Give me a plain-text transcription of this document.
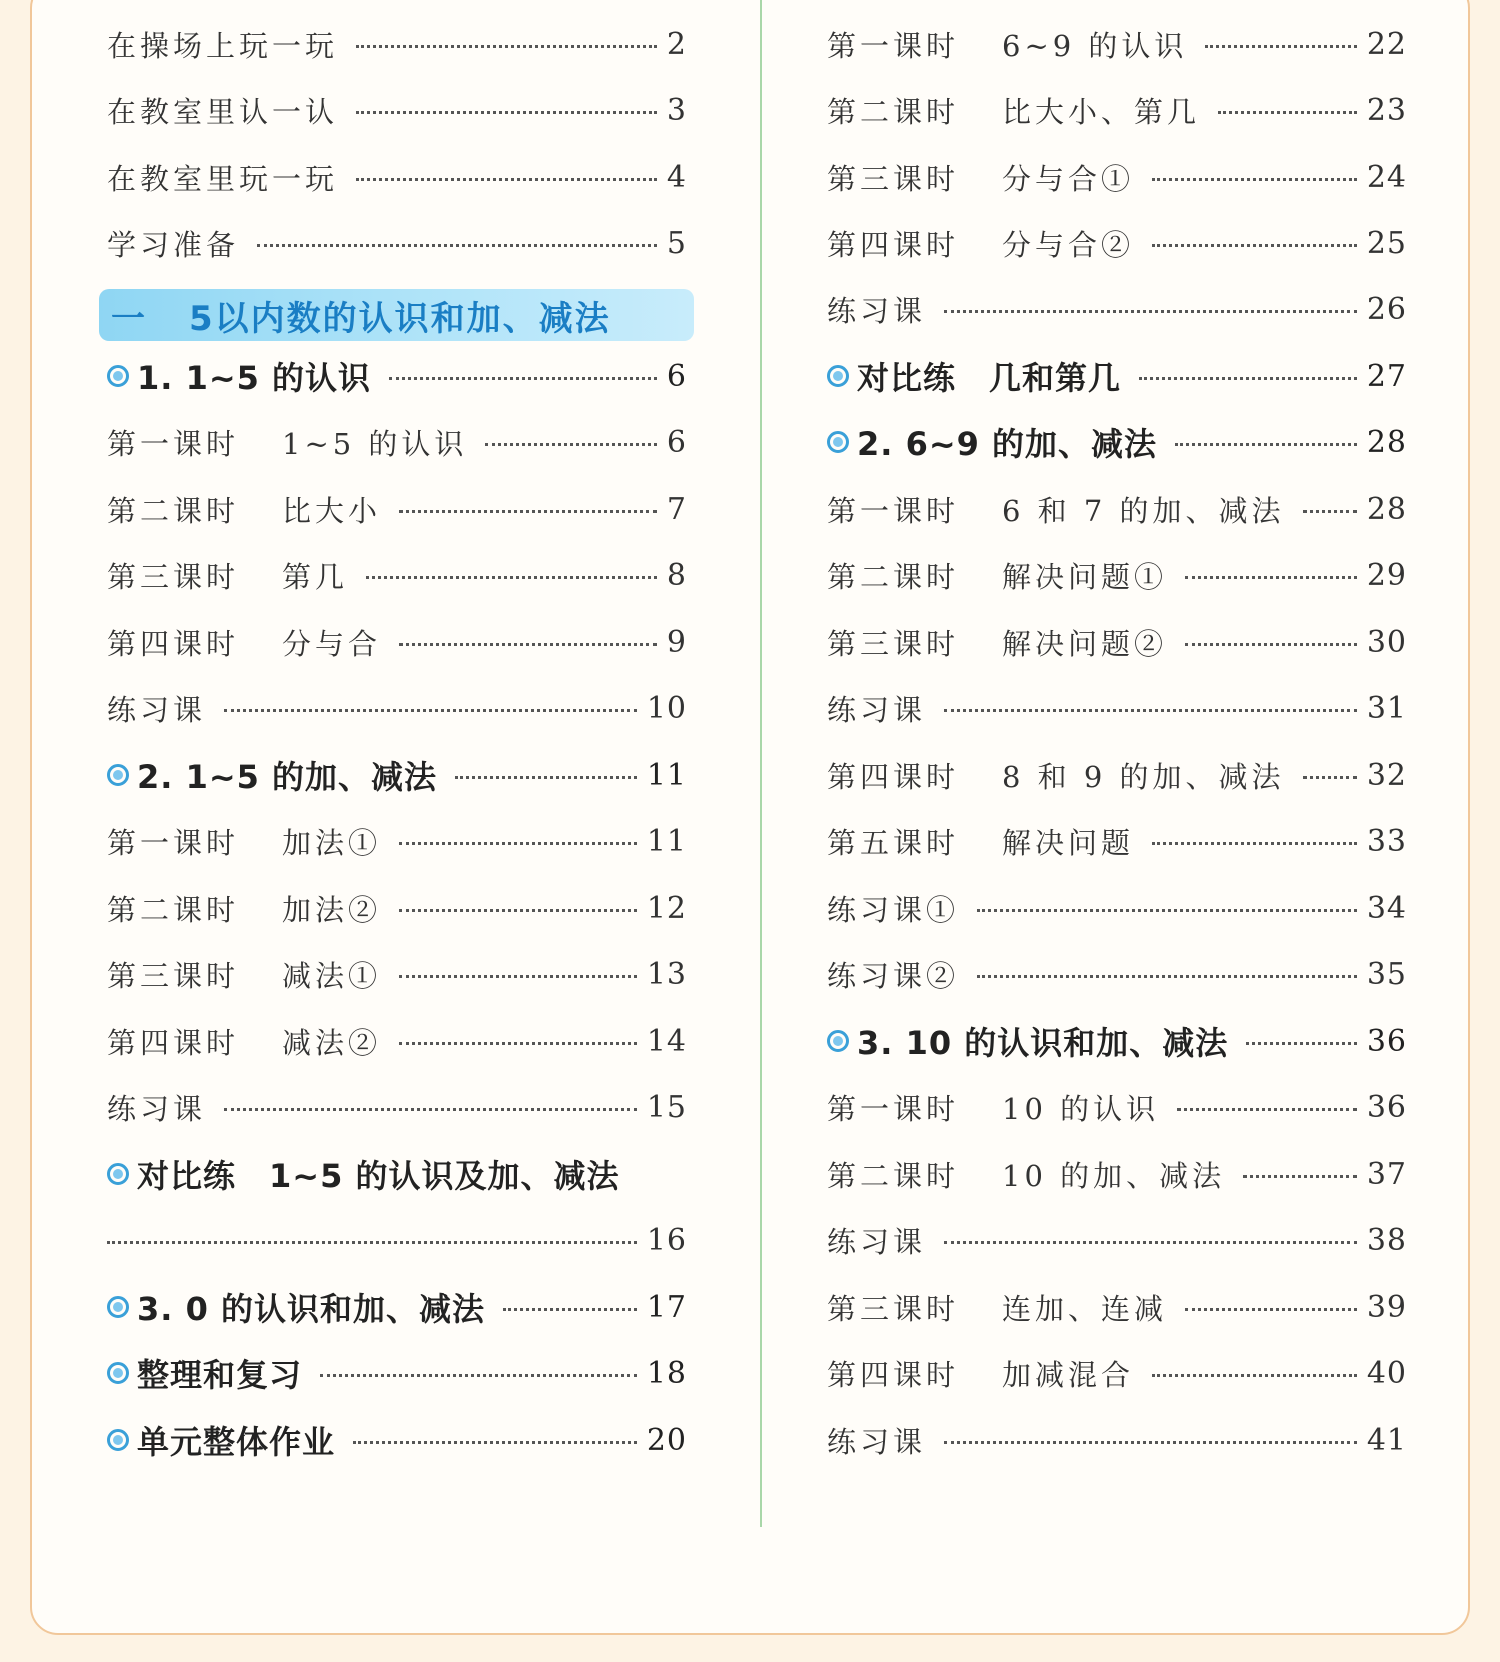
一 5以内数的认识和加、减法
在操场上玩一玩	2
在教室里认一认	3
在教室里玩一玩	4
学习准备	5
1. 1~5 的认识	6
第一课时	1~5 的认识	6
第二课时	比大小	7
第三课时	第几	8
第四课时	分与合	9
练习课	10
2. 1~5 的加、减法	11
第一课时	加法①	11
第二课时	加法②	12
第三课时	减法①	13
第四课时	减法②	14
练习课	15
对比练　1~5 的认识及加、减法
16
3. 0 的认识和加、减法	17
整理和复习	18
单元整体作业	20
第一课时	6~9 的认识	22
第二课时	比大小、第几	23
第三课时	分与合①	24
第四课时	分与合②	25
练习课	26
对比练　几和第几	27
2. 6~9 的加、减法	28
第一课时	6 和 7 的加、减法	28
第二课时	解决问题①	29
第三课时	解决问题②	30
练习课	31
第四课时	8 和 9 的加、减法	32
第五课时	解决问题	33
练习课①	34
练习课②	35
3. 10 的认识和加、减法	36
第一课时	10 的认识	36
第二课时	10 的加、减法	37
练习课	38
第三课时	连加、连减	39
第四课时	加减混合	40
练习课	41
